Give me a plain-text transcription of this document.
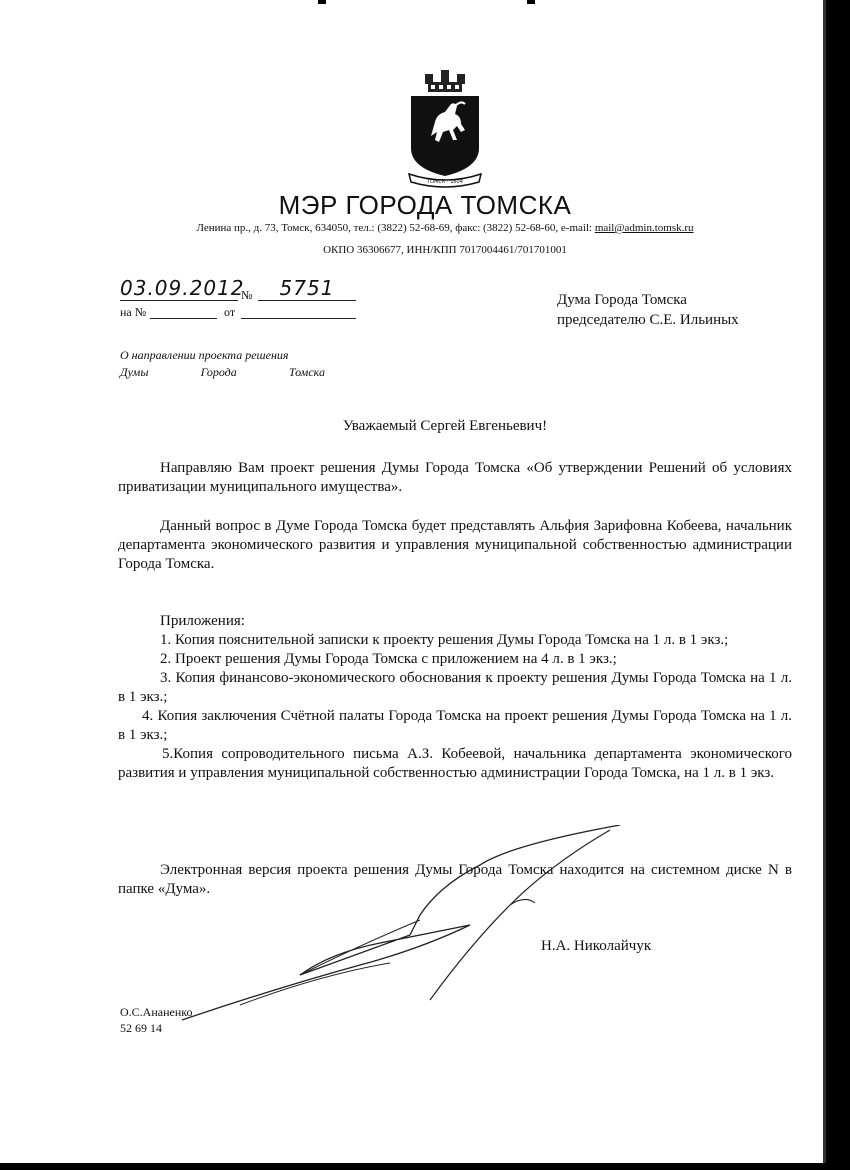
ТОМСК · 1604
МЭР ГОРОДА ТОМСКА
Ленина пр., д. 73, Томск, 634050, тел.: (3822) 52-68-69, факс: (3822) 52-68-60, e-mail: mail@admin.tomsk.ru
ОКПО 36306677, ИНН/КПП 7017004461/701701001
03.09.2012
№	5751
на №	от
Дума Города Томска
председателю С.Е. Ильиных
О направлении проекта решения
Думы	Города	Томска
Уважаемый Сергей Евгеньевич!

Направляю Вам проект решения Думы Города Томска «Об утверждении Решений об условиях приватизации муниципального имущества».

Данный вопрос в Думе Города Томска будет представлять Альфия Зарифовна Кобеева, начальник департамента экономического развития и управления муниципальной собственностью администрации Города Томска.

Приложения:

1. Копия пояснительной записки к проекту решения Думы Города Томска на 1 л. в 1 экз.;

2. Проект решения Думы Города Томска с приложением на 4 л. в 1 экз.;

3. Копия финансово-экономического обоснования к проекту решения Думы Города Томска на 1 л. в 1 экз.;

4. Копия заключения Счётной палаты Города Томска на проект решения Думы Города Томска на 1 л. в 1 экз.;

5.Копия сопроводительного письма А.З. Кобеевой, начальника департамента экономического развития и управления муниципальной собственностью администрации Города Томска, на 1 л. в 1 экз.

Электронная версия проекта решения Думы Города Томска находится на системном диске N в папке «Дума».

Н.А. Николайчук
О.С.Ананенко
52 69 14
